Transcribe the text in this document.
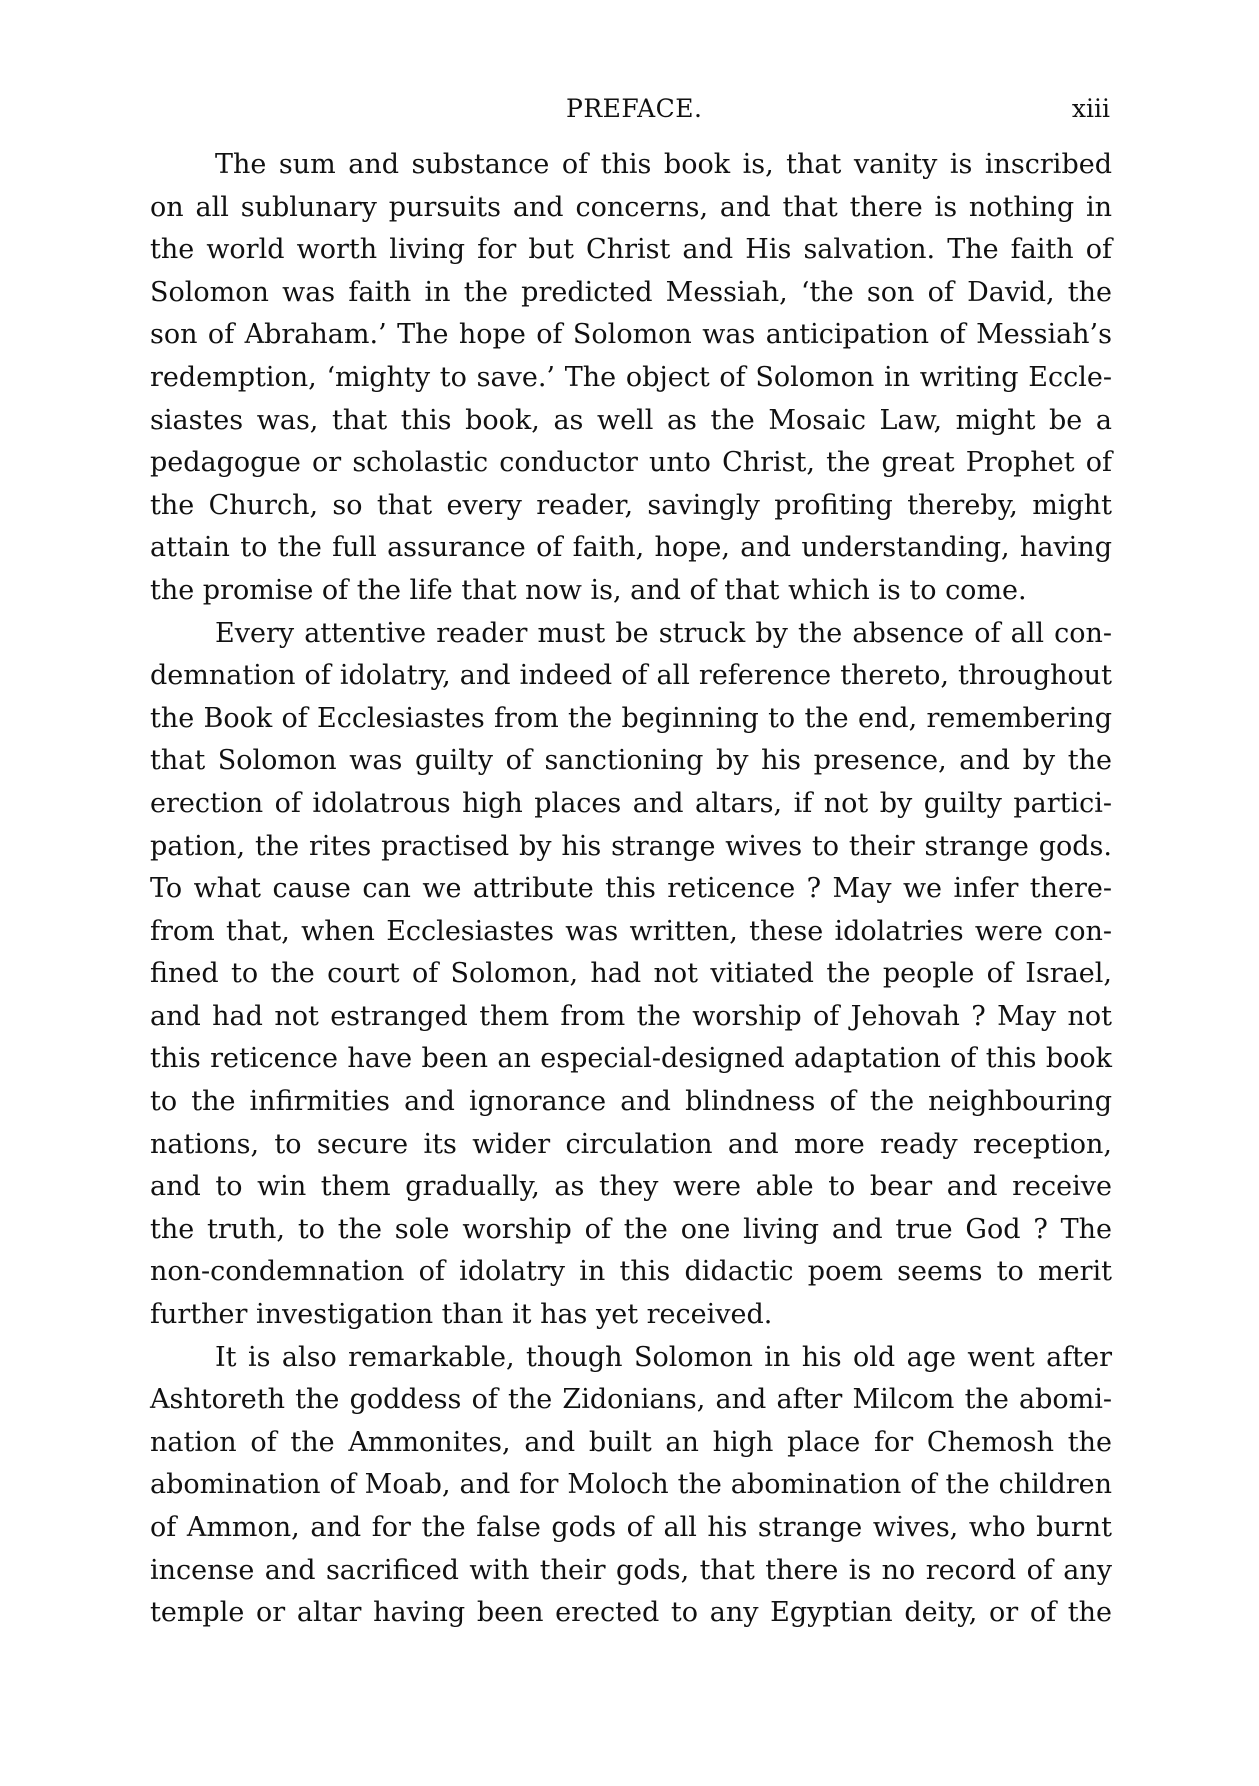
PREFACE.	xiii

The sum and substance of this book is, that vanity is inscribed
on all sublunary pursuits and concerns, and that there is nothing in
the world worth living for but Christ and His salvation. The faith of
Solomon was faith in the predicted Messiah, ‘the son of David, the
son of Abraham.’ The hope of Solomon was anticipation of Messiah’s
redemption, ‘mighty to save.’ The object of Solomon in writing Eccle-
siastes was, that this book, as well as the Mosaic Law, might be a
pedagogue or scholastic conductor unto Christ, the great Prophet of
the Church, so that every reader, savingly profiting thereby, might
attain to the full assurance of faith, hope, and understanding, having
the promise of the life that now is, and of that which is to come.

Every attentive reader must be struck by the absence of all con-
demnation of idolatry, and indeed of all reference thereto, throughout
the Book of Ecclesiastes from the beginning to the end, remembering
that Solomon was guilty of sanctioning by his presence, and by the
erection of idolatrous high places and altars, if not by guilty partici-
pation, the rites practised by his strange wives to their strange gods.
To what cause can we attribute this reticence ? May we infer there-
from that, when Ecclesiastes was written, these idolatries were con-
fined to the court of Solomon, had not vitiated the people of Israel,
and had not estranged them from the worship of Jehovah ? May not
this reticence have been an especial-designed adaptation of this book
to the infirmities and ignorance and blindness of the neighbouring
nations, to secure its wider circulation and more ready reception,
and to win them gradually, as they were able to bear and receive
the truth, to the sole worship of the one living and true God ? The
non-condemnation of idolatry in this didactic poem seems to merit
further investigation than it has yet received.

It is also remarkable, though Solomon in his old age went after
Ashtoreth the goddess of the Zidonians, and after Milcom the abomi-
nation of the Ammonites, and built an high place for Chemosh the
abomination of Moab, and for Moloch the abomination of the children
of Ammon, and for the false gods of all his strange wives, who burnt
incense and sacrificed with their gods, that there is no record of any
temple or altar having been erected to any Egyptian deity, or of the
